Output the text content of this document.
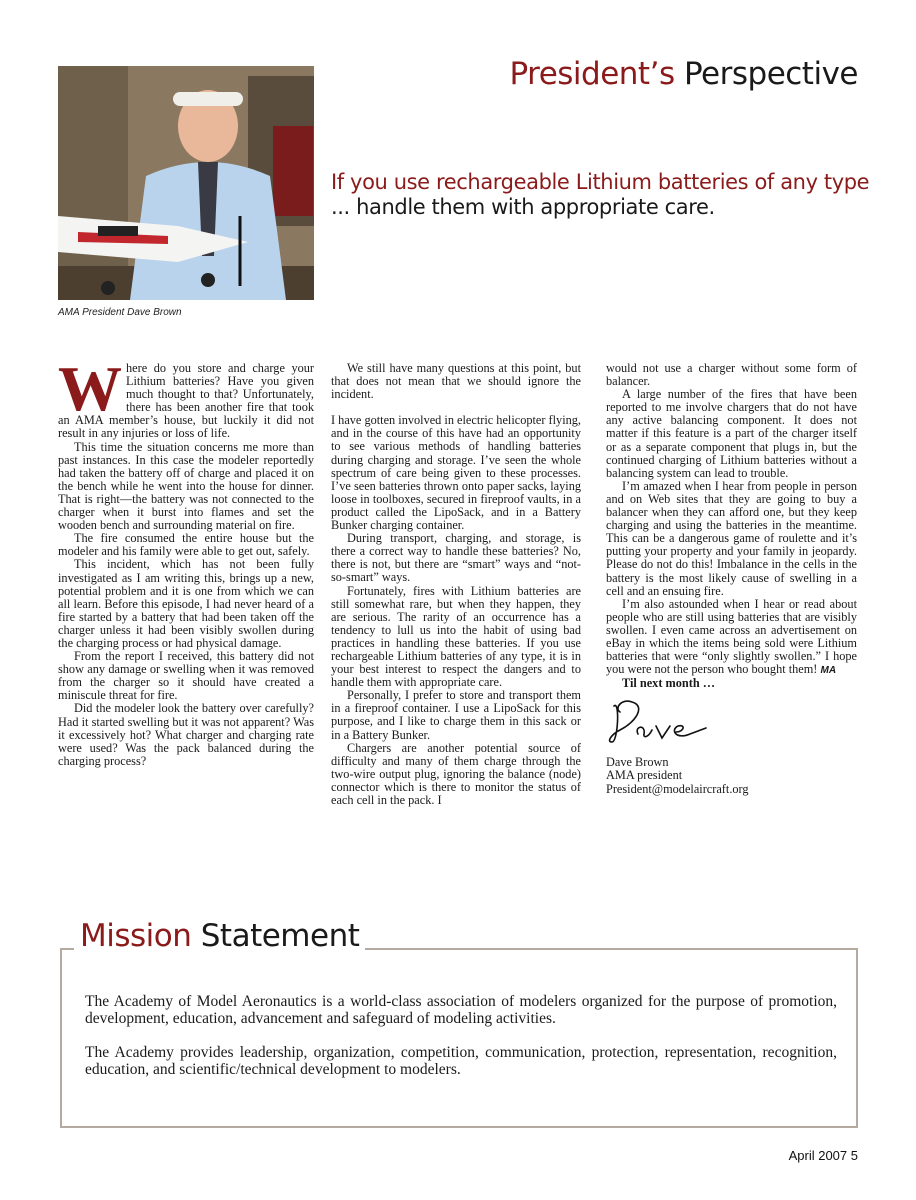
AMA President Dave Brown
President’s Perspective
If you use rechargeable Lithium batteries of any type
... handle them with appropriate care.
W here do you store and charge your Lithium batteries? Have you given much thought to that? Unfortunately, there has been another fire that took an AMA member’s house, but luckily it did not result in any injuries or loss of life.

This time the situation concerns me more than past instances. In this case the modeler reportedly had taken the battery off of charge and placed it on the bench while he went into the house for dinner. That is right—the battery was not connected to the charger when it burst into flames and set the wooden bench and surrounding material on fire.

The fire consumed the entire house but the modeler and his family were able to get out, safely.

This incident, which has not been fully investigated as I am writing this, brings up a new, potential problem and it is one from which we can all learn. Before this episode, I had never heard of a fire started by a battery that had been taken off the charger unless it had been visibly swollen during the charging process or had physical damage.

From the report I received, this battery did not show any damage or swelling when it was removed from the charger so it should have created a miniscule threat for fire.

Did the modeler look the battery over carefully? Had it started swelling but it was not apparent? Was it excessively hot? What charger and charging rate were used? Was the pack balanced during the charging process?

We still have many questions at this point, but that does not mean that we should ignore the incident.

I have gotten involved in electric helicopter flying, and in the course of this have had an opportunity to see various methods of handling batteries during charging and storage. I’ve seen the whole spectrum of care being given to these processes. I’ve seen batteries thrown onto paper sacks, laying loose in toolboxes, secured in fireproof vaults, in a product called the LipoSack, and in a Battery Bunker charging container.

During transport, charging, and storage, is there a correct way to handle these batteries? No, there is not, but there are “smart” ways and “not-so-smart” ways.

Fortunately, fires with Lithium batteries are still somewhat rare, but when they happen, they are serious. The rarity of an occurrence has a tendency to lull us into the habit of using bad practices in handling these batteries. If you use rechargeable Lithium batteries of any type, it is in your best interest to respect the dangers and to handle them with appropriate care.

Personally, I prefer to store and transport them in a fireproof container. I use a LipoSack for this purpose, and I like to charge them in this sack or in a Battery Bunker.

Chargers are another potential source of difficulty and many of them charge through the two-wire output plug, ignoring the balance (node) connector which is there to monitor the status of each cell in the pack. I

would not use a charger without some form of balancer.

A large number of the fires that have been reported to me involve chargers that do not have any active balancing component. It does not matter if this feature is a part of the charger itself or as a separate component that plugs in, but the continued charging of Lithium batteries without a balancing system can lead to trouble.

I’m amazed when I hear from people in person and on Web sites that they are going to buy a balancer when they can afford one, but they keep charging and using the batteries in the meantime. This can be a dangerous game of roulette and it’s putting your property and your family in jeopardy. Please do not do this! Imbalance in the cells in the battery is the most likely cause of swelling in a cell and an ensuing fire.

I’m also astounded when I hear or read about people who are still using batteries that are visibly swollen. I even came across an advertisement on eBay in which the items being sold were Lithium batteries that were “only slightly swollen.” I hope you were not the person who bought them! MA

Til next month …

Dave Brown

AMA president

President@modelaircraft.org

Mission Statement

The Academy of Model Aeronautics is a world-class association of modelers organized for the purpose of promotion, development, education, advancement and safeguard of modeling activities.

The Academy provides leadership, organization, competition, communication, protection, representation, recognition, education, and scientific/technical development to modelers.

April 2007 5
